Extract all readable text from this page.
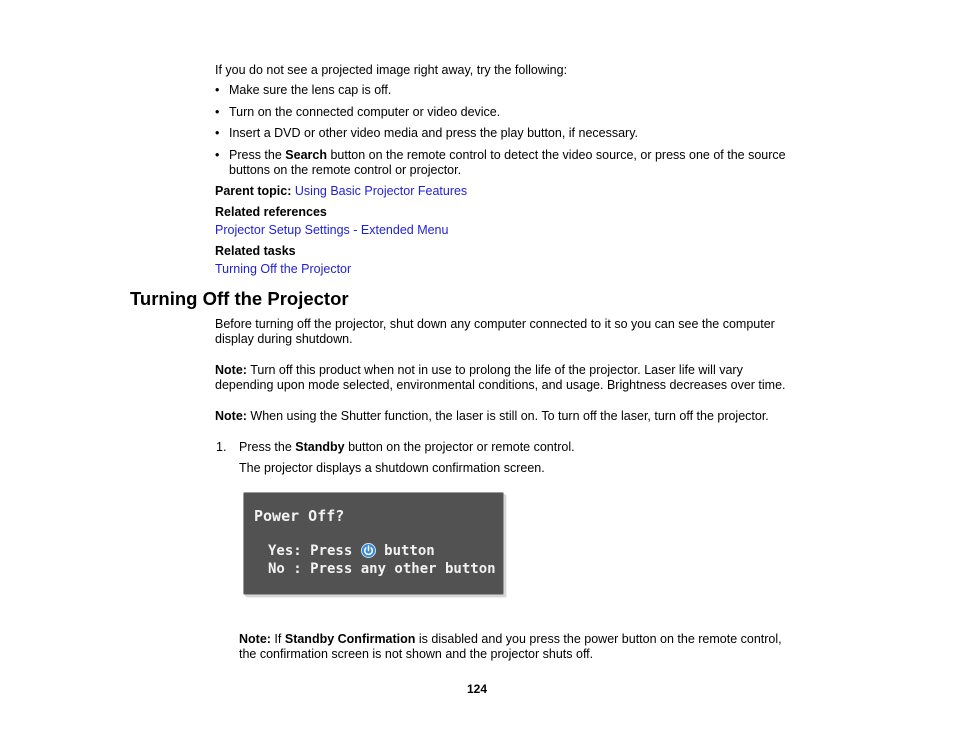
If you do not see a projected image right away, try the following:
• Make sure the lens cap is off.
• Turn on the connected computer or video device.
• Insert a DVD or other video media and press the play button, if necessary.
• Press the Search button on the remote control to detect the video source, or press one of the source
buttons on the remote control or projector.
Parent topic: Using Basic Projector Features
Related references
Projector Setup Settings - Extended Menu
Related tasks
Turning Off the Projector
Turning Off the Projector
Before turning off the projector, shut down any computer connected to it so you can see the computer
display during shutdown.
Note: Turn off this product when not in use to prolong the life of the projector. Laser life will vary
depending upon mode selected, environmental conditions, and usage. Brightness decreases over time.
Note: When using the Shutter function, the laser is still on. To turn off the laser, turn off the projector.
1. Press the Standby button on the projector or remote control.
The projector displays a shutdown confirmation screen.
Power Off?
Yes: Press  button
No : Press any other button
Note: If Standby Confirmation is disabled and you press the power button on the remote control,
the confirmation screen is not shown and the projector shuts off.
124
